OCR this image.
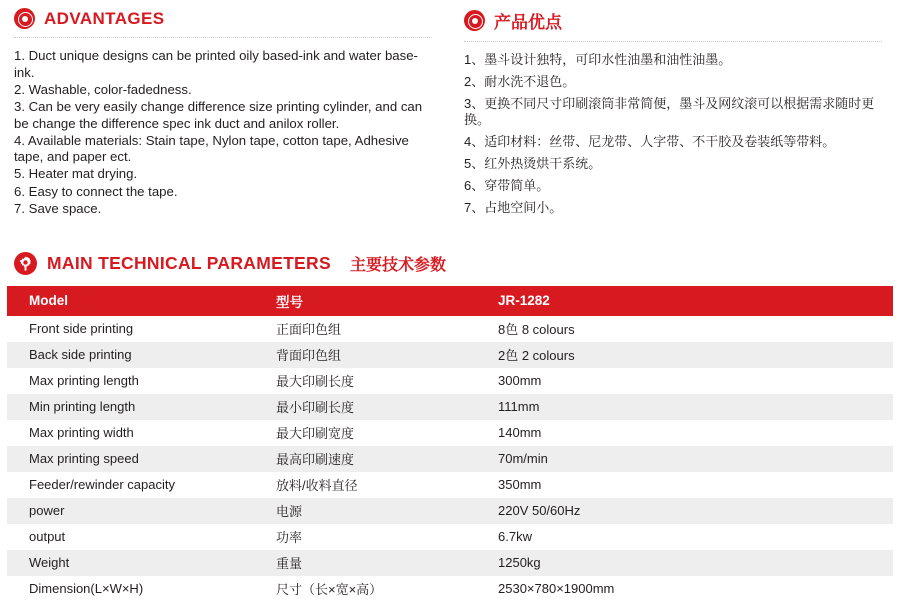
ADVANTAGES

1. Duct unique designs can be printed oily based-ink and water base-ink.

2. Washable, color-fadedness.

3. Can be very easily change difference size printing cylinder, and can be change the difference spec ink duct and anilox roller.

4. Available materials: Stain tape, Nylon tape, cotton tape, Adhesive tape, and paper ect.

5. Heater mat drying.

6. Easy to connect the tape.

7. Save space.

产品优点

1、墨斗设计独特，可印水性油墨和油性油墨。

2、耐水洗不退色。

3、更换不同尺寸印刷滚筒非常简便，墨斗及网纹滚可以根据需求随时更换。

4、适印材料：丝带、尼龙带、人字带、不干胶及卷装纸等带料。

5、红外热烫烘干系统。

6、穿带简单。

7、占地空间小。

MAIN TECHNICAL PARAMETERS 主要技术参数
Model	型号	JR-1282
Front side printing	正面印色组	8色 8 colours
Back side printing	背面印色组	2色 2 colours
Max printing length	最大印刷长度	300mm
Min printing length	最小印刷长度	111mm
Max printing width	最大印刷宽度	140mm
Max printing speed	最高印刷速度	70m/min
Feeder/rewinder capacity	放料/收料直径	350mm
power	电源	220V 50/60Hz
output	功率	6.7kw
Weight	重量	1250kg
Dimension(L×W×H)	尺寸（长×宽×高）	2530×780×1900mm
